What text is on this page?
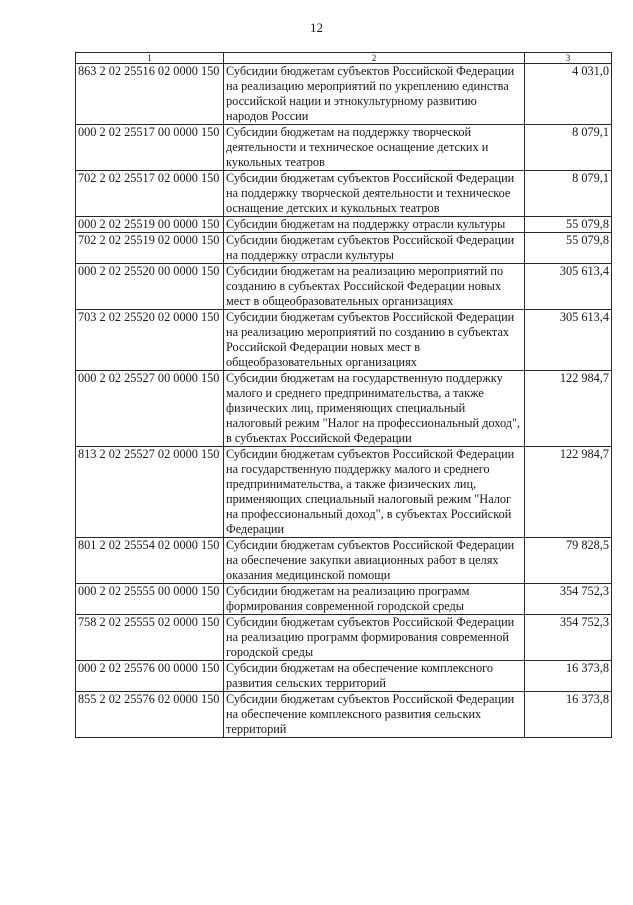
12
1	2	3
863 2 02 25516 02 0000 150	Субсидии бюджетам субъектов Российской Федерации на реализацию мероприятий по укреплению единства российской нации и этнокультурному развитию народов России	4 031,0
000 2 02 25517 00 0000 150	Субсидии бюджетам на поддержку творческой деятельности и техническое оснащение детских и кукольных театров	8 079,1
702 2 02 25517 02 0000 150	Субсидии бюджетам субъектов Российской Федерации на поддержку творческой деятельности и техническое оснащение детских и кукольных театров	8 079,1
000 2 02 25519 00 0000 150	Субсидии бюджетам на поддержку отрасли культуры	55 079,8
702 2 02 25519 02 0000 150	Субсидии бюджетам субъектов Российской Федерации на поддержку отрасли культуры	55 079,8
000 2 02 25520 00 0000 150	Субсидии бюджетам на реализацию мероприятий по созданию в субъектах Российской Федерации новых мест в общеобразовательных организациях	305 613,4
703 2 02 25520 02 0000 150	Субсидии бюджетам субъектов Российской Федерации на реализацию мероприятий по созданию в субъектах Российской Федерации новых мест в общеобразовательных организациях	305 613,4
000 2 02 25527 00 0000 150	Субсидии бюджетам на государственную поддержку малого и среднего предпринимательства, а также физических лиц, применяющих специальный налоговый режим "Налог на профессиональный доход", в субъектах Российской Федерации	122 984,7
813 2 02 25527 02 0000 150	Субсидии бюджетам субъектов Российской Федерации на государственную поддержку малого и среднего предпринимательства, а также физических лиц, применяющих специальный налоговый режим "Налог на профессиональный доход", в субъектах Российской Федерации	122 984,7
801 2 02 25554 02 0000 150	Субсидии бюджетам субъектов Российской Федерации на обеспечение закупки авиационных работ в целях оказания медицинской помощи	79 828,5
000 2 02 25555 00 0000 150	Субсидии бюджетам на реализацию программ формирования современной городской среды	354 752,3
758 2 02 25555 02 0000 150	Субсидии бюджетам субъектов Российской Федерации на реализацию программ формирования современной городской среды	354 752,3
000 2 02 25576 00 0000 150	Субсидии бюджетам на обеспечение комплексного развития сельских территорий	16 373,8
855 2 02 25576 02 0000 150	Субсидии бюджетам субъектов Российской Федерации на обеспечение комплексного развития сельских территорий	16 373,8
